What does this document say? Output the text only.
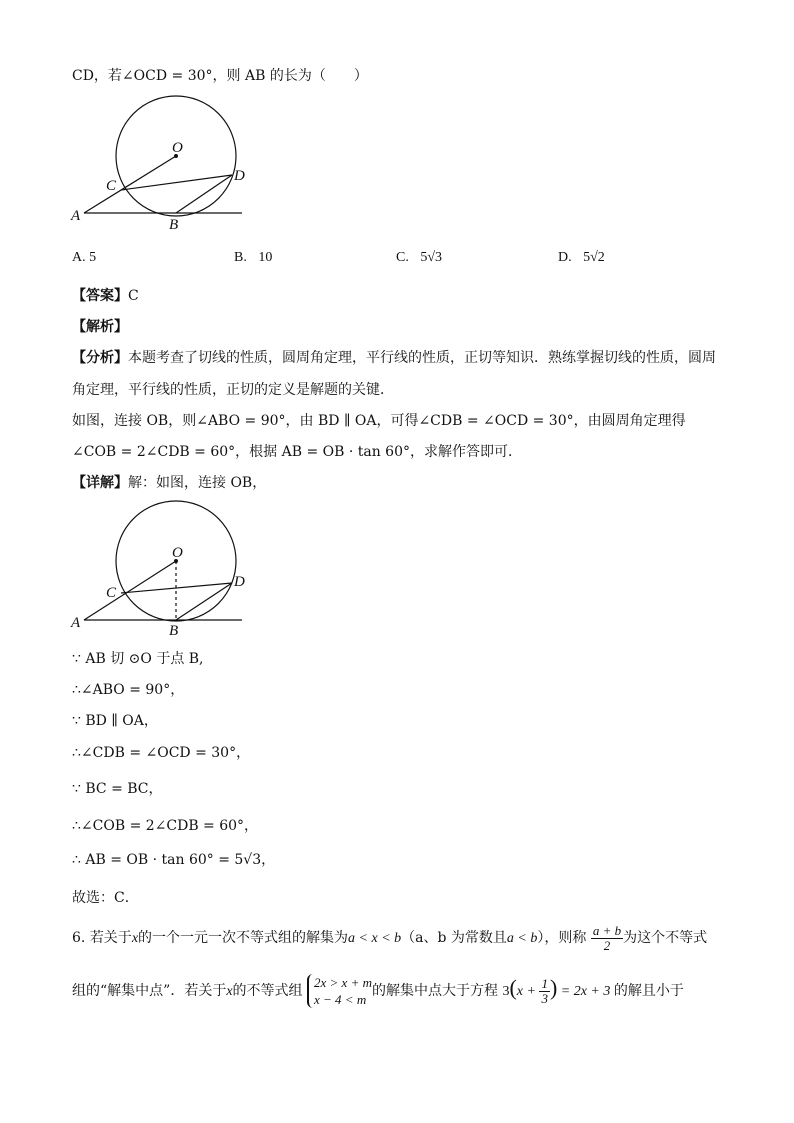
CD，若∠OCD = 30°，则 AB 的长为（　　）
O
C
D
A
B
A. 5	B. 10	C. 5√3	D. 5√2
【答案】C
【解析】
【分析】本题考查了切线的性质，圆周角定理，平行线的性质，正切等知识．熟练掌握切线的性质，圆周
角定理，平行线的性质，正切的定义是解题的关键．
如图，连接 OB，则∠ABO = 90°，由 BD ∥ OA，可得∠CDB = ∠OCD = 30°，由圆周角定理得
∠COB = 2∠CDB = 60°，根据 AB = OB · tan 60°，求解作答即可．
【详解】解：如图，连接 OB，
O
C
D
A	B
∵ AB 切 ⊙O 于点 B,
∴∠ABO = 90°，
∵ BD ∥ OA，
∴∠CDB = ∠OCD = 30°，
∵ BC = BC，
∴∠COB = 2∠CDB = 60°，
∴ AB = OB · tan 60° = 5√3，
故选：C．
6. 若关于x的一个一元一次不等式组的解集为a < x < b（a、b 为常数且a < b），则称 $\frac{a + b}{2}$ 为这个不等式
组的“解集中点”．若关于x的不等式组
2x > x + m
x − 4 < m
的解集中点大于方程 $3(x + \frac{1}{3}$ ) = 2x + 3 的解且小于
